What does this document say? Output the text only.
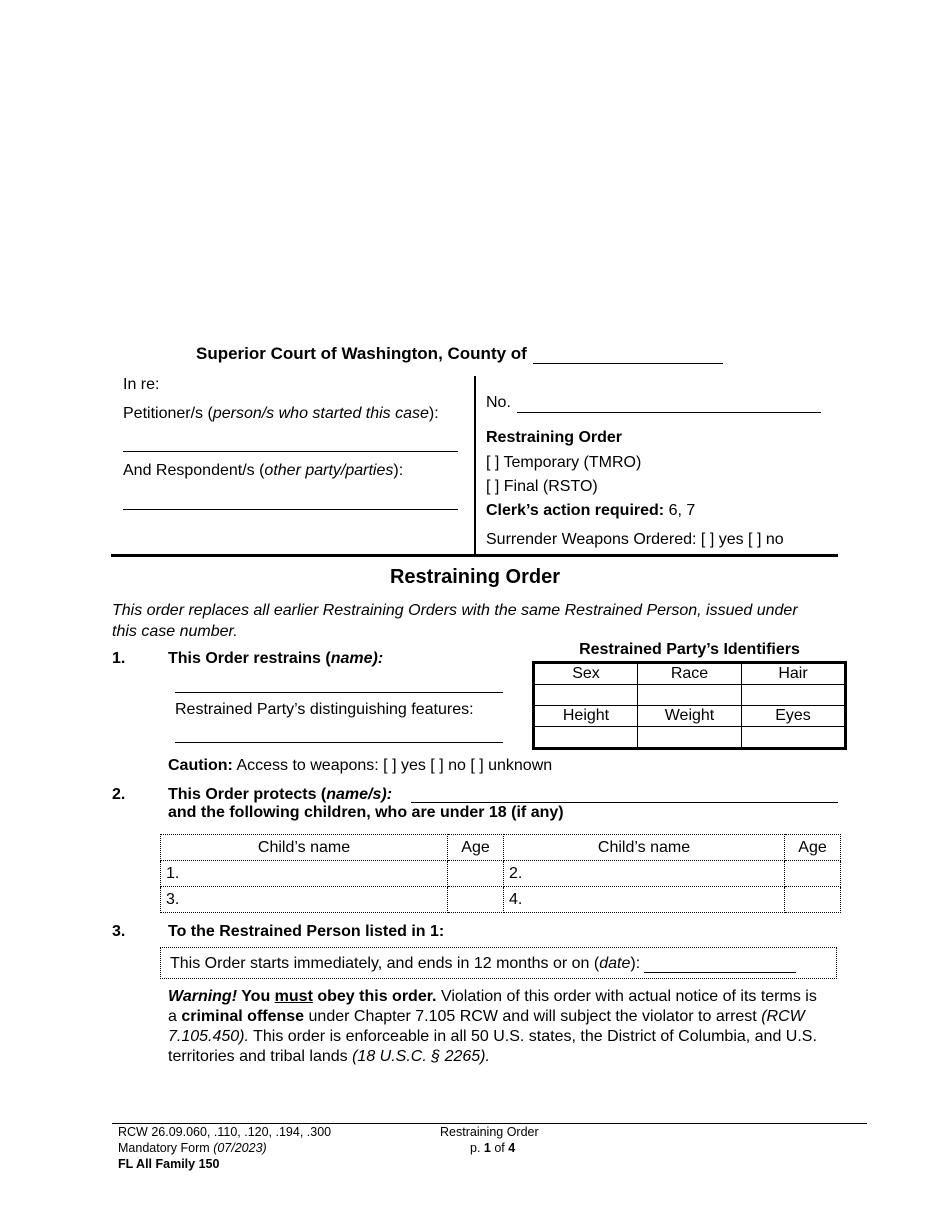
Superior Court of Washington, County of
In re:
Petitioner/s (person/s who started this case):
And Respondent/s (other party/parties):
No.
Restraining Order
[ ] Temporary (TMRO)
[ ] Final (RSTO)
Clerk’s action required: 6, 7
Surrender Weapons Ordered: [ ] yes [ ] no
Restraining Order
This order replaces all earlier Restraining Orders with the same Restrained Person, issued under this case number.
1.	This Order restrains (name):
Restrained Party’s distinguishing features:
Caution: Access to weapons: [ ] yes [ ] no [ ] unknown
Restrained Party’s Identifiers
Sex	Race	Hair

Height	Weight	Eyes

2.	This Order protects (name/s):
and the following children, who are under 18 (if any)
Child’s name	Age	Child’s name	Age
1.		2.	
3.		4.	
3.	To the Restrained Person listed in 1:
This Order starts immediately, and ends in 12 months or on (date):
Warning! You must obey this order. Violation of this order with actual notice of its terms is a criminal offense under Chapter 7.105 RCW and will subject the violator to arrest (RCW 7.105.450). This order is enforceable in all 50 U.S. states, the District of Columbia, and U.S. territories and tribal lands (18 U.S.C. § 2265).
RCW 26.09.060, .110, .120, .194, .300
Mandatory Form (07/2023)
FL All Family 150
Restraining Order
p. 1 of 4
